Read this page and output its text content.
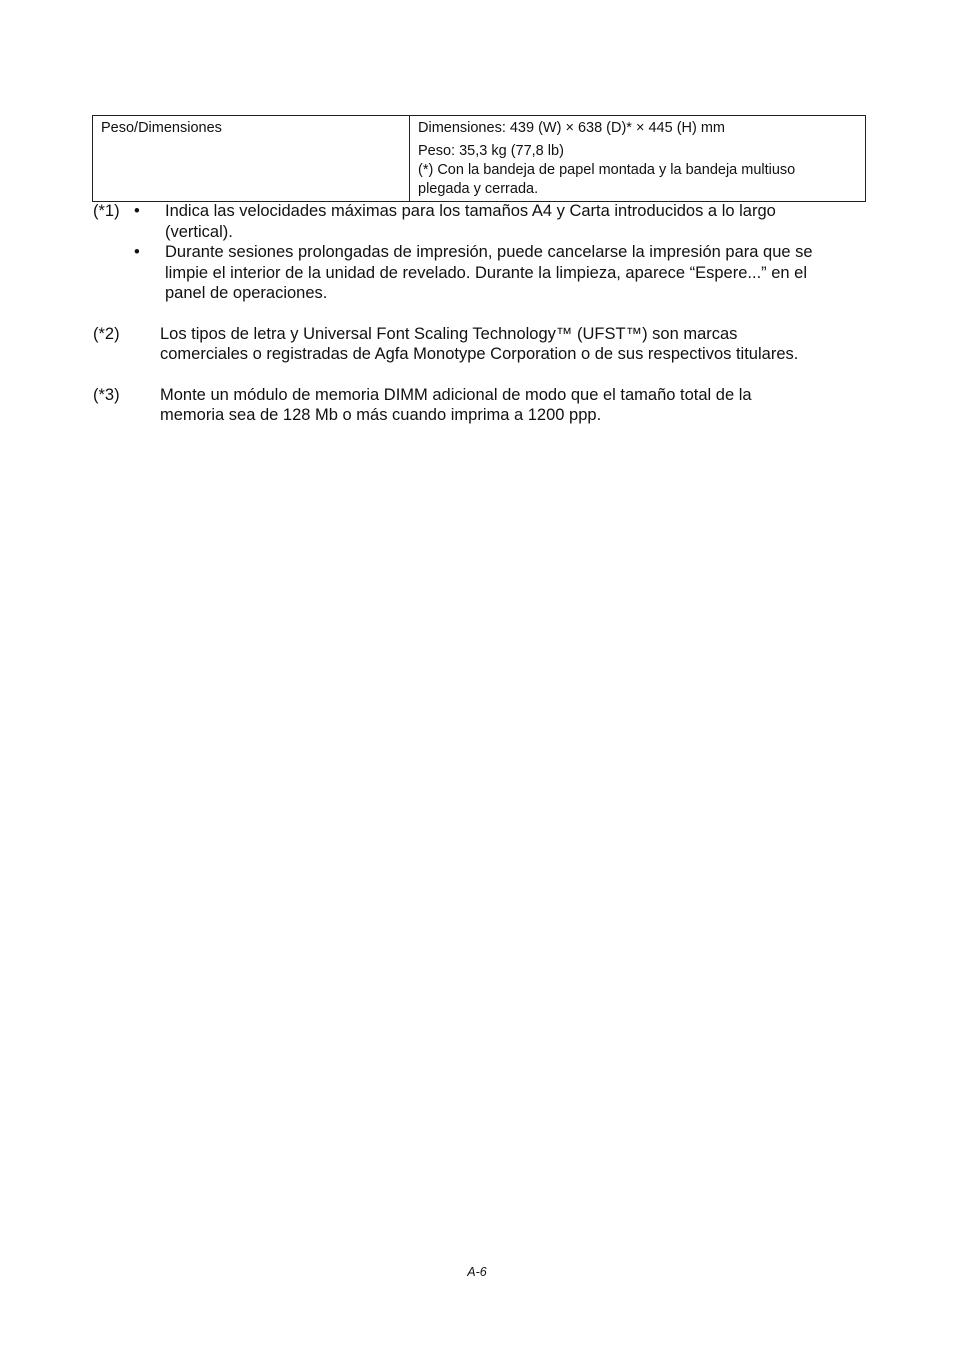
Peso/Dimensiones	Dimensiones: 439 (W) × 638 (D)* × 445 (H) mm
Peso: 35,3 kg (77,8 lb)
(*) Con la bandeja de papel montada y la bandeja multiuso
plegada y cerrada.
(*1) • Indica las velocidades máximas para los tamaños A4 y Carta introducidos a lo largo
(vertical).
• Durante sesiones prolongadas de impresión, puede cancelarse la impresión para que se
limpie el interior de la unidad de revelado. Durante la limpieza, aparece “Espere...” en el
panel de operaciones.
(*2) Los tipos de letra y Universal Font Scaling Technology™ (UFST™) son marcas
comerciales o registradas de Agfa Monotype Corporation o de sus respectivos titulares.
(*3) Monte un módulo de memoria DIMM adicional de modo que el tamaño total de la
memoria sea de 128 Mb o más cuando imprima a 1200 ppp.
A-6
